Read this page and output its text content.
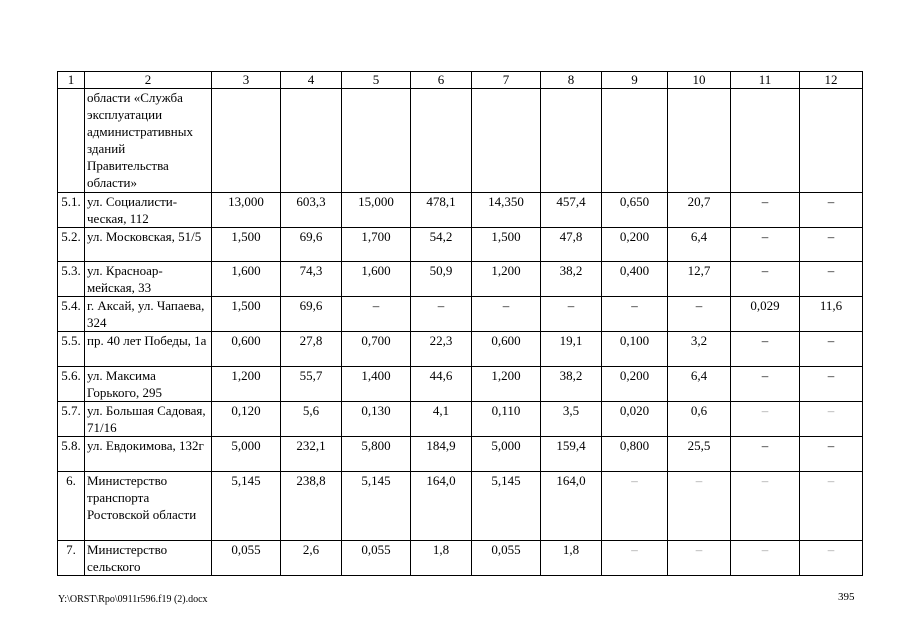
1	2	3	4	5	6	7	8	9	10	11	12
	области «Служба эксплуатации административных зданий Правительства области»										
5.1.	ул. Социалисти-ческая, 112	13,000	603,3	15,000	478,1	14,350	457,4	0,650	20,7	–	–
5.2.	ул. Московская, 51/5	1,500	69,6	1,700	54,2	1,500	47,8	0,200	6,4	–	–
5.3.	ул. Красноар-мейская, 33	1,600	74,3	1,600	50,9	1,200	38,2	0,400	12,7	–	–
5.4.	г. Аксай, ул. Чапаева, 324	1,500	69,6	–	–	–	–	–	–	0,029	11,6
5.5.	пр. 40 лет Победы, 1а	0,600	27,8	0,700	22,3	0,600	19,1	0,100	3,2	–	–
5.6.	ул. Максима Горького, 295	1,200	55,7	1,400	44,6	1,200	38,2	0,200	6,4	–	–
5.7.	ул. Большая Садовая, 71/16	0,120	5,6	0,130	4,1	0,110	3,5	0,020	0,6	–	–
5.8.	ул. Евдокимова, 132г	5,000	232,1	5,800	184,9	5,000	159,4	0,800	25,5	–	–
6.	Министерство транспорта Ростовской области	5,145	238,8	5,145	164,0	5,145	164,0	–	–	–	–
7.	Министерство сельского	0,055	2,6	0,055	1,8	0,055	1,8	–	–	–	–
Y:\ORST\Rpo\0911r596.f19 (2).docx	395
